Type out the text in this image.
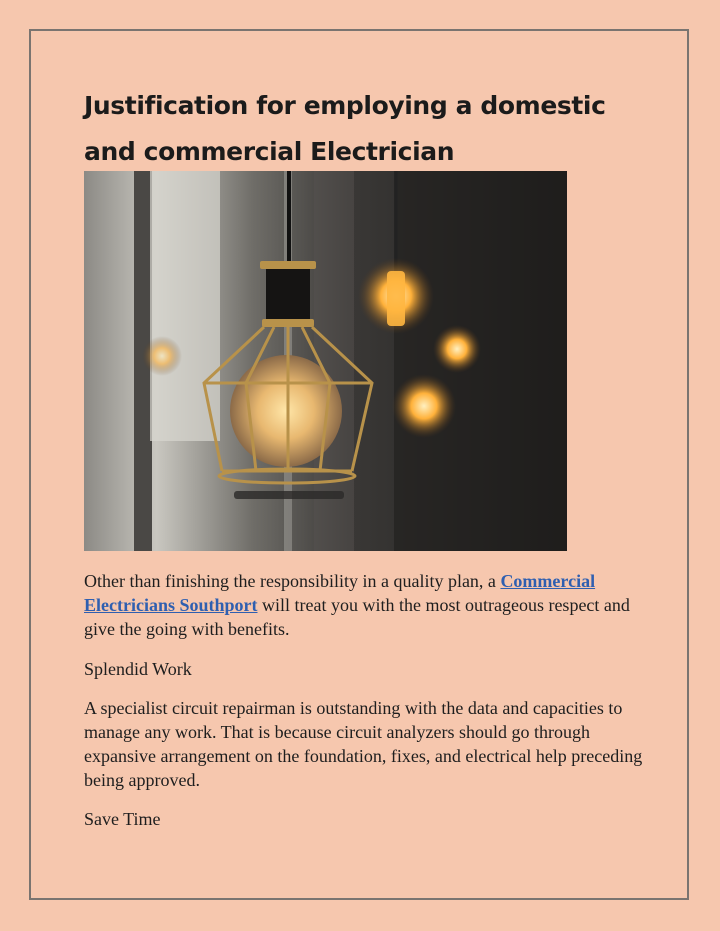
Justification for employing a domestic and commercial Electrician

Other than finishing the responsibility in a quality plan, a Commercial Electricians Southport will treat you with the most outrageous respect and give the going with benefits.

Splendid Work

A specialist circuit repairman is outstanding with the data and capacities to manage any work. That is because circuit analyzers should go through expansive arrangement on the foundation, fixes, and electrical help preceding being approved.

Save Time
